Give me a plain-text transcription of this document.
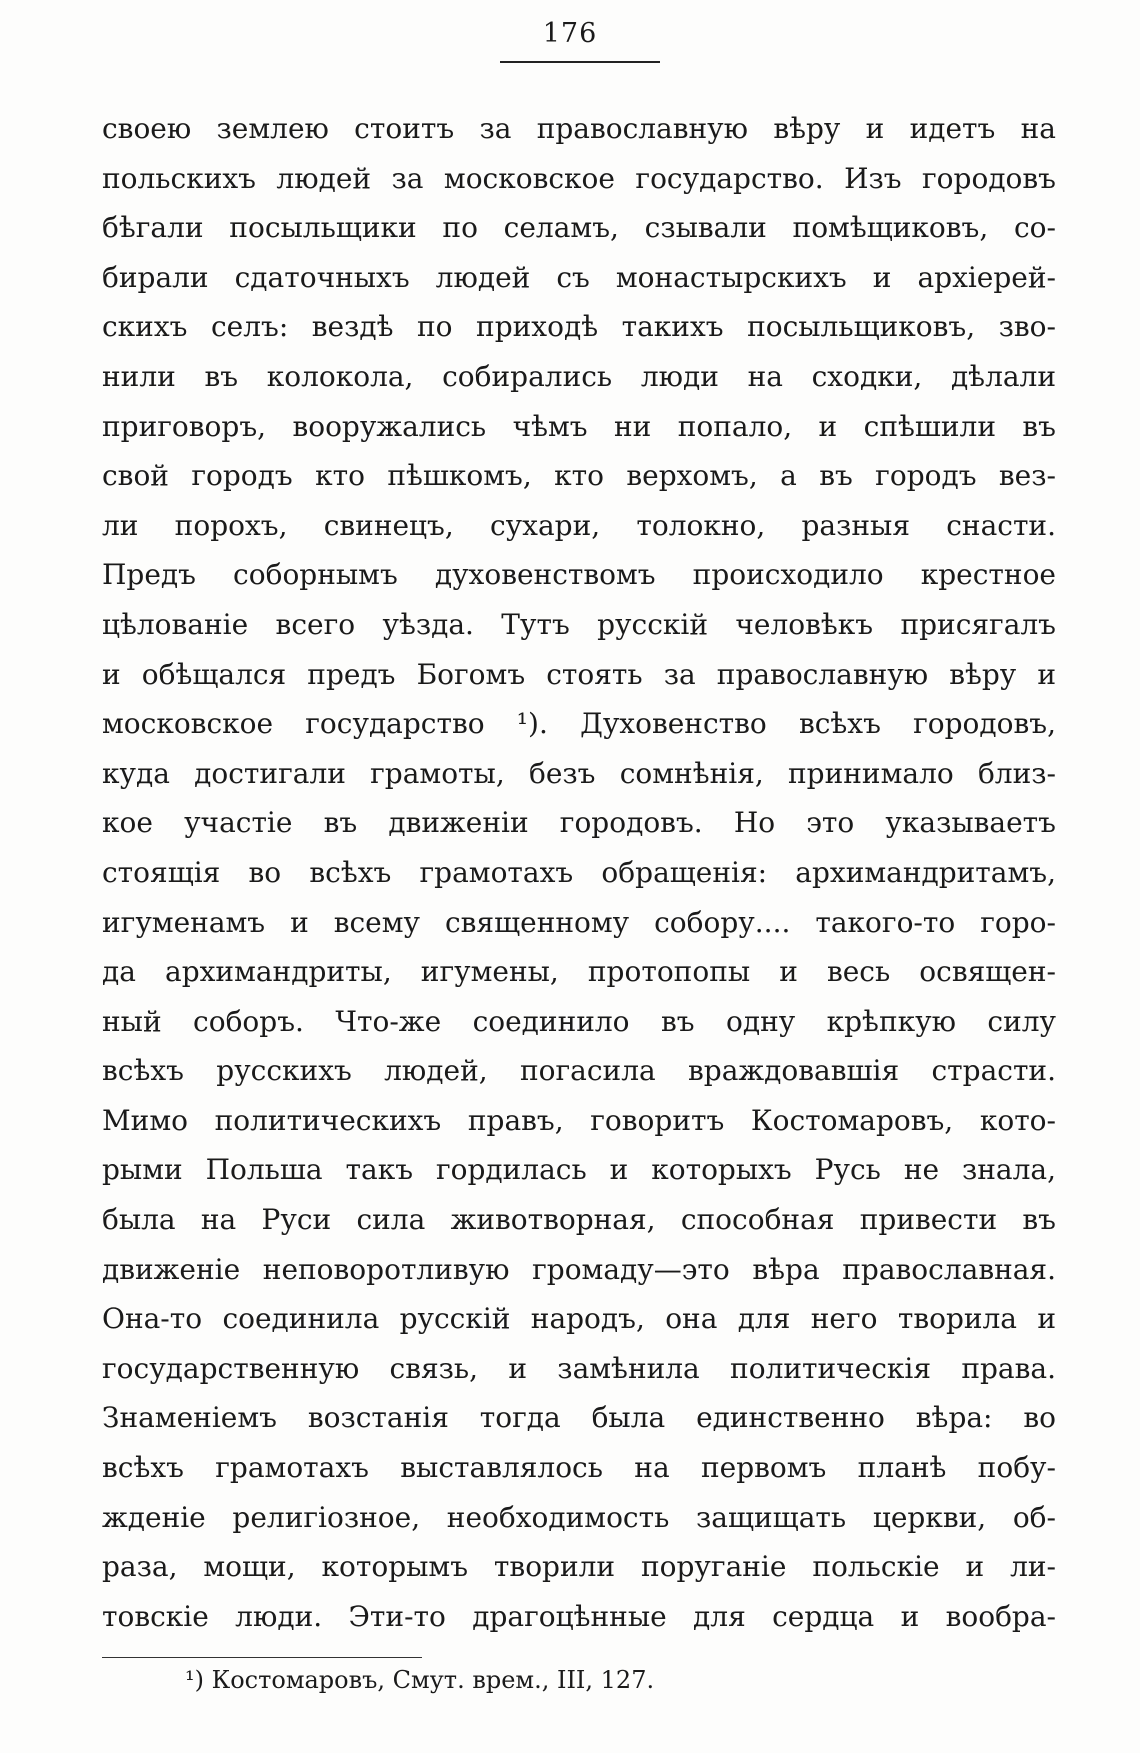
176
своею землею стоитъ за православную вѣру и идетъ на
польскихъ людей за московское государство. Изъ городовъ
бѣгали посыльщики по селамъ, сзывали помѣщиковъ, со-
бирали сдаточныхъ людей съ монастырскихъ и архіерей-
скихъ селъ: вездѣ по приходѣ такихъ посыльщиковъ, зво-
нили въ колокола, собирались люди на сходки, дѣлали
приговоръ, вооружались чѣмъ ни попало, и спѣшили въ
свой городъ кто пѣшкомъ, кто верхомъ, а въ городъ вез-
ли порохъ, свинецъ, сухари, толокно, разныя снасти.
Предъ соборнымъ духовенствомъ происходило крестное
цѣлованіе всего уѣзда. Тутъ русскій человѣкъ присягалъ
и обѣщался предъ Богомъ стоять за православную вѣру и
московское государство ¹). Духовенство всѣхъ городовъ,
куда достигали грамоты, безъ сомнѣнія, принимало близ-
кое участіе въ движеніи городовъ. Но это указываетъ
стоящія во всѣхъ грамотахъ обращенія: архимандритамъ,
игуменамъ и всему священному собору.... такого-то горо-
да архимандриты, игумены, протопопы и весь освящен-
ный соборъ. Что-же соединило въ одну крѣпкую силу
всѣхъ русскихъ людей, погасила враждовавшія страсти.
Мимо политическихъ правъ, говоритъ Костомаровъ, кото-
рыми Польша такъ гордилась и которыхъ Русь не знала,
была на Руси сила животворная, способная привести въ
движеніе неповоротливую громаду—это вѣра православная.
Она-то соединила русскій народъ, она для него творила и
государственную связь, и замѣнила политическія права.
Знаменіемъ возстанія тогда была единственно вѣра: во
всѣхъ грамотахъ выставлялось на первомъ планѣ побу-
жденіе религіозное, необходимость защищать церкви, об-
раза, мощи, которымъ творили поруганіе польскіе и ли-
товскіе люди. Эти-то драгоцѣнные для сердца и вообра-
¹) Костомаровъ, Смут. врем., III, 127.
